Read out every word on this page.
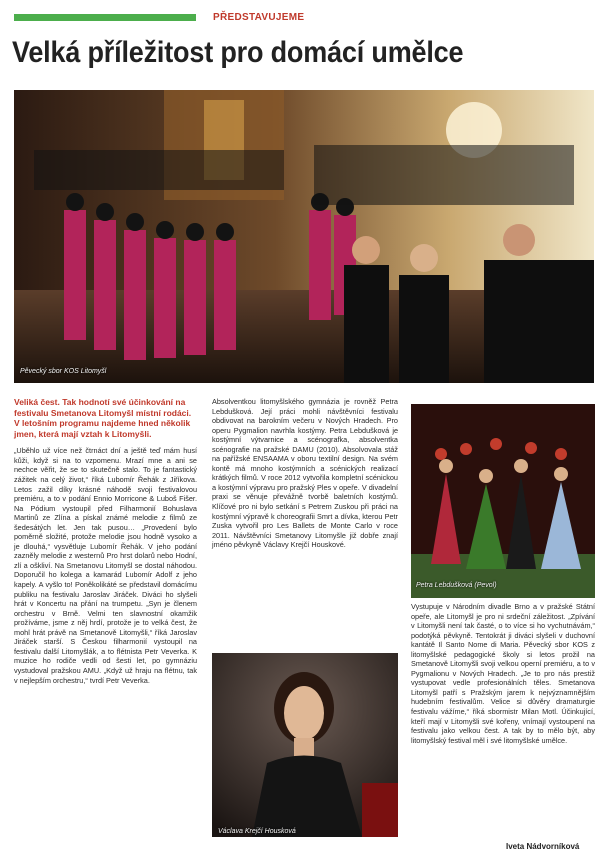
PŘEDSTAVUJEME
Velká příležitost pro domácí umělce
Pěvecký sbor KOS Litomyšl

Veliká čest. Tak hodnotí své účinkování na festivalu Smetanova Litomyšl místní rodáci. V letošním programu najdeme hned několik jmen, která mají vztah k Litomyšli.

„Uběhlo už více než čtrnáct dní a ještě teď mám husí kůži, když si na to vzpomenu. Mrazí mne a ani se nechce věřit, že se to skutečně stalo. To je fantastický zážitek na celý život,“ říká Lubomír Řehák z Jiříkova. Letos zažil díky krásné náhodě svoji festivalovou premiéru, a to v podání Ennio Morricone & Luboš Fišer. Na Pódium vystoupil před Filharmonií Bohuslava Martinů ze Zlína a pískal známé melodie z filmů ze šedesátých let. Jen tak pusou… „Provedení bylo poměrně složité, protože melodie jsou hodně vysoko a je dlouhá,“ vysvětluje Lubomír Řehák. V jeho podání zazněly melodie z westernů Pro hrst dolarů nebo Hodní, zlí a oškliví. Na Smetanovu Litomyšl se dostal náhodou. Doporučil ho kolega a kamarád Lubomír Adolf z jeho kapely. A vyšlo to! Poněkolikáté se představil domácímu publiku na festivalu Jaroslav Jiráček. Diváci ho slyšeli hrát v Koncertu na přání na trumpetu. „Syn je členem orchestru v Brně. Velmi ten slavnostní okamžik prožíváme, jsme z něj hrdí, protože je to velká čest, že mohl hrát právě na Smetanově Litomyšli,“ říká Jaroslav Jiráček starší. S Českou filharmonií vystoupil na festivalu další Litomyšlák, a to flétnista Petr Veverka. K muzice ho rodiče vedli od šesti let, po gymnáziu vystudoval pražskou AMU. „Když už hraju na flétnu, tak v nejlepším orchestru,“ tvrdí Petr Veverka.

Absolventkou litomyšlského gymnázia je rovněž Petra Lebdušková. Její práci mohli návštěvníci festivalu obdivovat na barokním večeru v Nových Hradech. Pro operu Pygmalion navrhla kostýmy. Petra Lebdušková je kostýmní výtvarnice a scénografka, absolventka scénografie na pražské DAMU (2010). Absolvovala stáž na pařížské ENSAAMA v oboru textilní design. Na svém kontě má mnoho kostýmních a scénických realizací krátkých filmů. V roce 2012 vytvořila kompletní scénickou a kostýmní výpravu pro pražský Ples v opeře. V divadelní praxi se věnuje převážně tvorbě baletních kostýmů. Klíčové pro ni bylo setkání s Petrem Zuskou při práci na kostýmní výpravě k choreografii Smrt a dívka, kterou Petr Zuska vytvořil pro Les Ballets de Monte Carlo v roce 2011. Návštěvníci Smetanovy Litomyšle již dobře znají jméno pěvkyně Václavy Krejčí Houskové.

Petra Lebdušková (Pevol)
Václava Krejčí Housková

Vystupuje v Národním divadle Brno a v pražské Státní opeře, ale Litomyšl je pro ni srdeční záležitost. „Zpívání v Litomyšli není tak časté, o to více si ho vychutnávám,“ podotýká pěvkyně. Tentokrát ji diváci slyšeli v duchovní kantátě Il Santo Nome di Maria. Pěvecký sbor KOS z litomyšlské pedagogické školy si letos prožil na Smetanově Litomyšli svoji velkou operní premiéru, a to v Pygmalionu v Nových Hradech. „Je to pro nás prestiž vystupovat vedle profesionálních těles. Smetanova Litomyšl patří s Pražským jarem k nejvýznamnějším hudebním festivalům. Velice si důvěry dramaturgie festivalu vážíme,“ říká sbormistr Milan Motl. Účinkující, kteří mají v Litomyšli své kořeny, vnímají vystoupení na festivalu jako velkou čest. A tak by to mělo být, aby litomyšlský festival měl i své litomyšlské umělce.

Iveta Nádvorníková
